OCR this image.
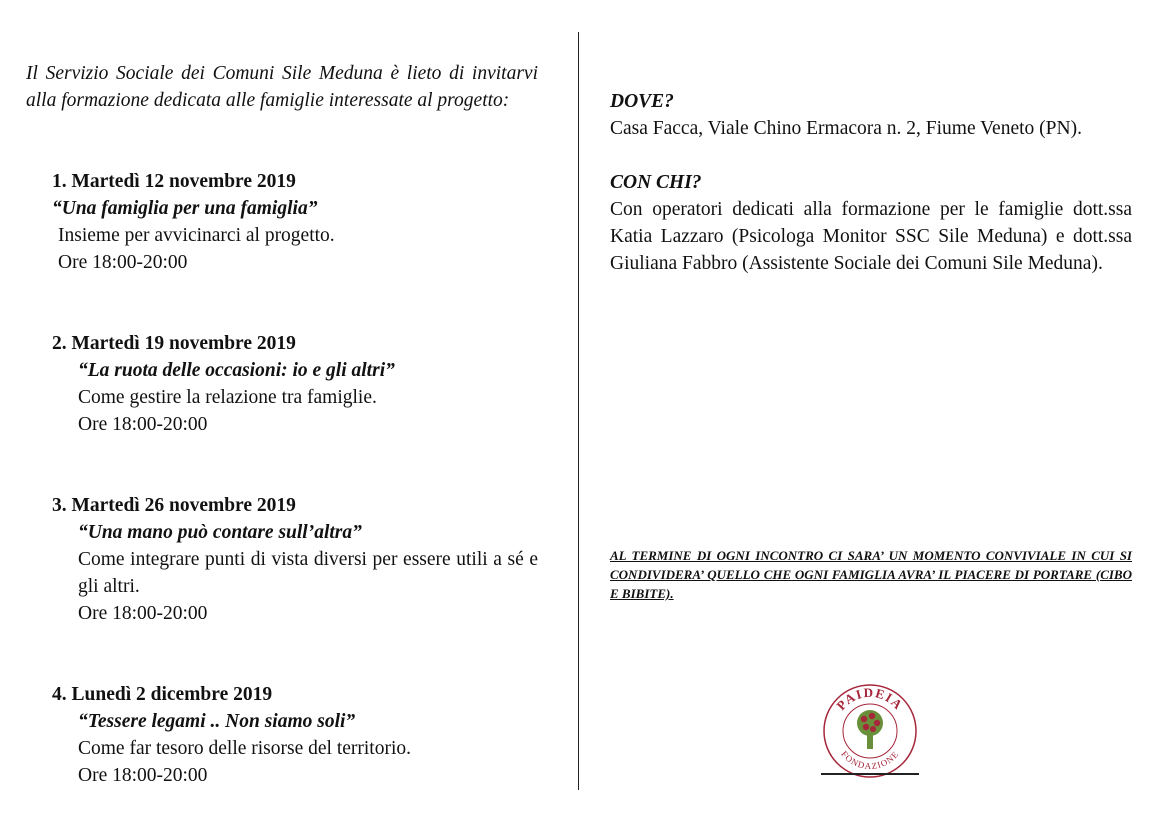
Il Servizio Sociale dei Comuni Sile Meduna è lieto di invitarvi alla formazione dedicata alle famiglie interessate al progetto:

1. Martedì 12 novembre 2019
“Una famiglia per una famiglia”
Insieme per avvicinarci al progetto.
Ore 18:00-20:00
2. Martedì 19 novembre 2019
“La ruota delle occasioni: io e gli altri”
Come gestire la relazione tra famiglie.
Ore 18:00-20:00
3. Martedì 26 novembre 2019
“Una mano può contare sull’altra”
Come integrare punti di vista diversi per essere utili a sé e gli altri.
Ore 18:00-20:00
4. Lunedì 2 dicembre 2019
“Tessere legami .. Non siamo soli”
Come far tesoro delle risorse del territorio.
Ore 18:00-20:00

DOVE?

Casa Facca, Viale Chino Ermacora n. 2, Fiume Veneto (PN).

CON CHI?

Con operatori dedicati alla formazione per le famiglie dott.ssa Katia Lazzaro (Psicologa Monitor SSC Sile Meduna) e dott.ssa Giuliana Fabbro (Assistente Sociale dei Comuni Sile Meduna).

AL TERMINE DI OGNI INCONTRO CI SARA’ UN MOMENTO CONVIVIALE IN CUI SI CONDIVIDERA’ QUELLO CHE OGNI FAMIGLIA AVRA’ IL PIACERE DI PORTARE (CIBO E BIBITE).

PAIDEIA
FONDAZIONE
